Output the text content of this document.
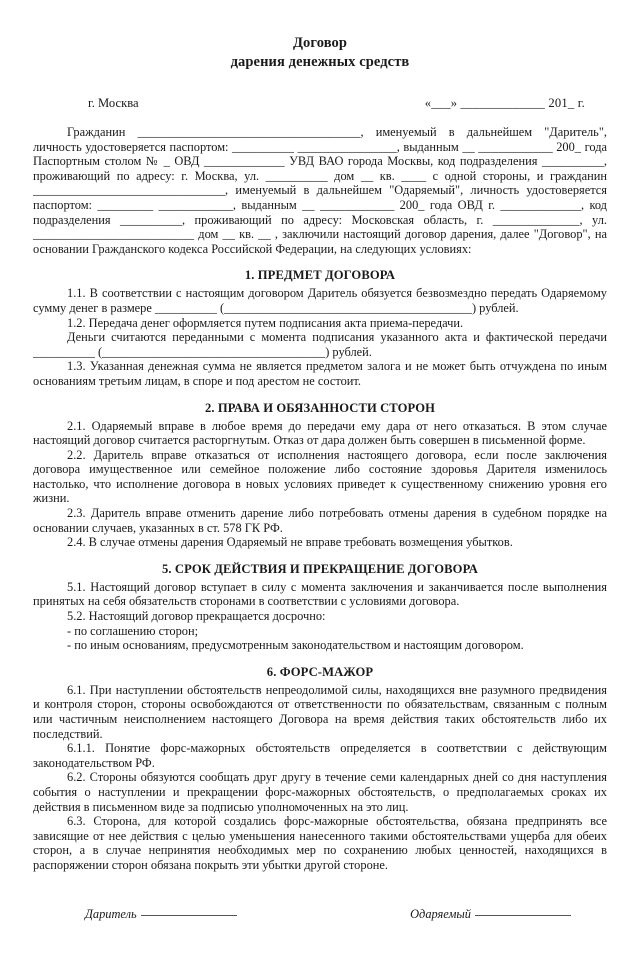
Договор
дарения денежных средств
г. Москва	«___» _____________ 201_ г.

Гражданин ____________________________________, именуемый в дальнейшем "Даритель", личность удостоверяется паспортом: __________ ________________, выданным __ ____________ 200_ года Паспортным столом № _ ОВД _____________ УВД ВАО города Москвы, код подразделения __________, проживающий по адресу: г. Москва, ул. __________ дом __ кв. ____ с одной стороны, и гражданин _______________________________, именуемый в дальнейшем "Одаряемый", личность удостоверяется паспортом: _________ ____________, выданным __ ____________ 200_ года ОВД г. _____________, код подразделения __________, проживающий по адресу: Московская область, г. ______________, ул. __________________________ дом __ кв. __ , заключили настоящий договор дарения, далее "Договор", на основании Гражданского кодекса Российской Федерации, на следующих условиях:

1. ПРЕДМЕТ ДОГОВОРА

1.1. В соответствии с настоящим договором Даритель обязуется безвозмездно передать Одаряемому сумму денег в размере __________ (________________________________________) рублей.

1.2. Передача денег оформляется путем подписания акта приема-передачи.

Деньги считаются переданными с момента подписания указанного акта и фактической передачи __________ (____________________________________) рублей.

1.3. Указанная денежная сумма не является предметом залога и не может быть отчуждена по иным основаниям третьим лицам, в споре и под арестом не состоит.

2. ПРАВА И ОБЯЗАННОСТИ СТОРОН

2.1. Одаряемый вправе в любое время до передачи ему дара от него отказаться. В этом случае настоящий договор считается расторгнутым. Отказ от дара должен быть совершен в письменной форме.

2.2. Даритель вправе отказаться от исполнения настоящего договора, если после заключения договора имущественное или семейное положение либо состояние здоровья Дарителя изменилось настолько, что исполнение договора в новых условиях приведет к существенному снижению уровня его жизни.

2.3. Даритель вправе отменить дарение либо потребовать отмены дарения в судебном порядке на основании случаев, указанных в ст. 578 ГК РФ.

2.4. В случае отмены дарения Одаряемый не вправе требовать возмещения убытков.

5. СРОК ДЕЙСТВИЯ И ПРЕКРАЩЕНИЕ ДОГОВОРА

5.1. Настоящий договор вступает в силу с момента заключения и заканчивается после выполнения принятых на себя обязательств сторонами в соответствии с условиями договора.

5.2. Настоящий договор прекращается досрочно:

- по соглашению сторон;

- по иным основаниям, предусмотренным законодательством и настоящим договором.

6. ФОРС-МАЖОР

6.1. При наступлении обстоятельств непреодолимой силы, находящихся вне разумного предвидения и контроля сторон, стороны освобождаются от ответственности по обязательствам, связанным с полным или частичным неисполнением настоящего Договора на время действия таких обстоятельств либо их последствий.

6.1.1. Понятие форс-мажорных обстоятельств определяется в соответствии с действующим законодательством РФ.

6.2. Стороны обязуются сообщать друг другу в течение семи календарных дней со дня наступления события о наступлении и прекращении форс-мажорных обстоятельств, о предполагаемых сроках их действия в письменном виде за подписью уполномоченных на это лиц.

6.3. Сторона, для которой создались форс-мажорные обстоятельства, обязана предпринять все зависящие от нее действия с целью уменьшения нанесенного такими обстоятельствами ущерба для обеих сторон, а в случае непринятия необходимых мер по сохранению любых ценностей, находящихся в распоряжении сторон обязана покрыть эти убытки другой стороне.

Даритель	Одаряемый
